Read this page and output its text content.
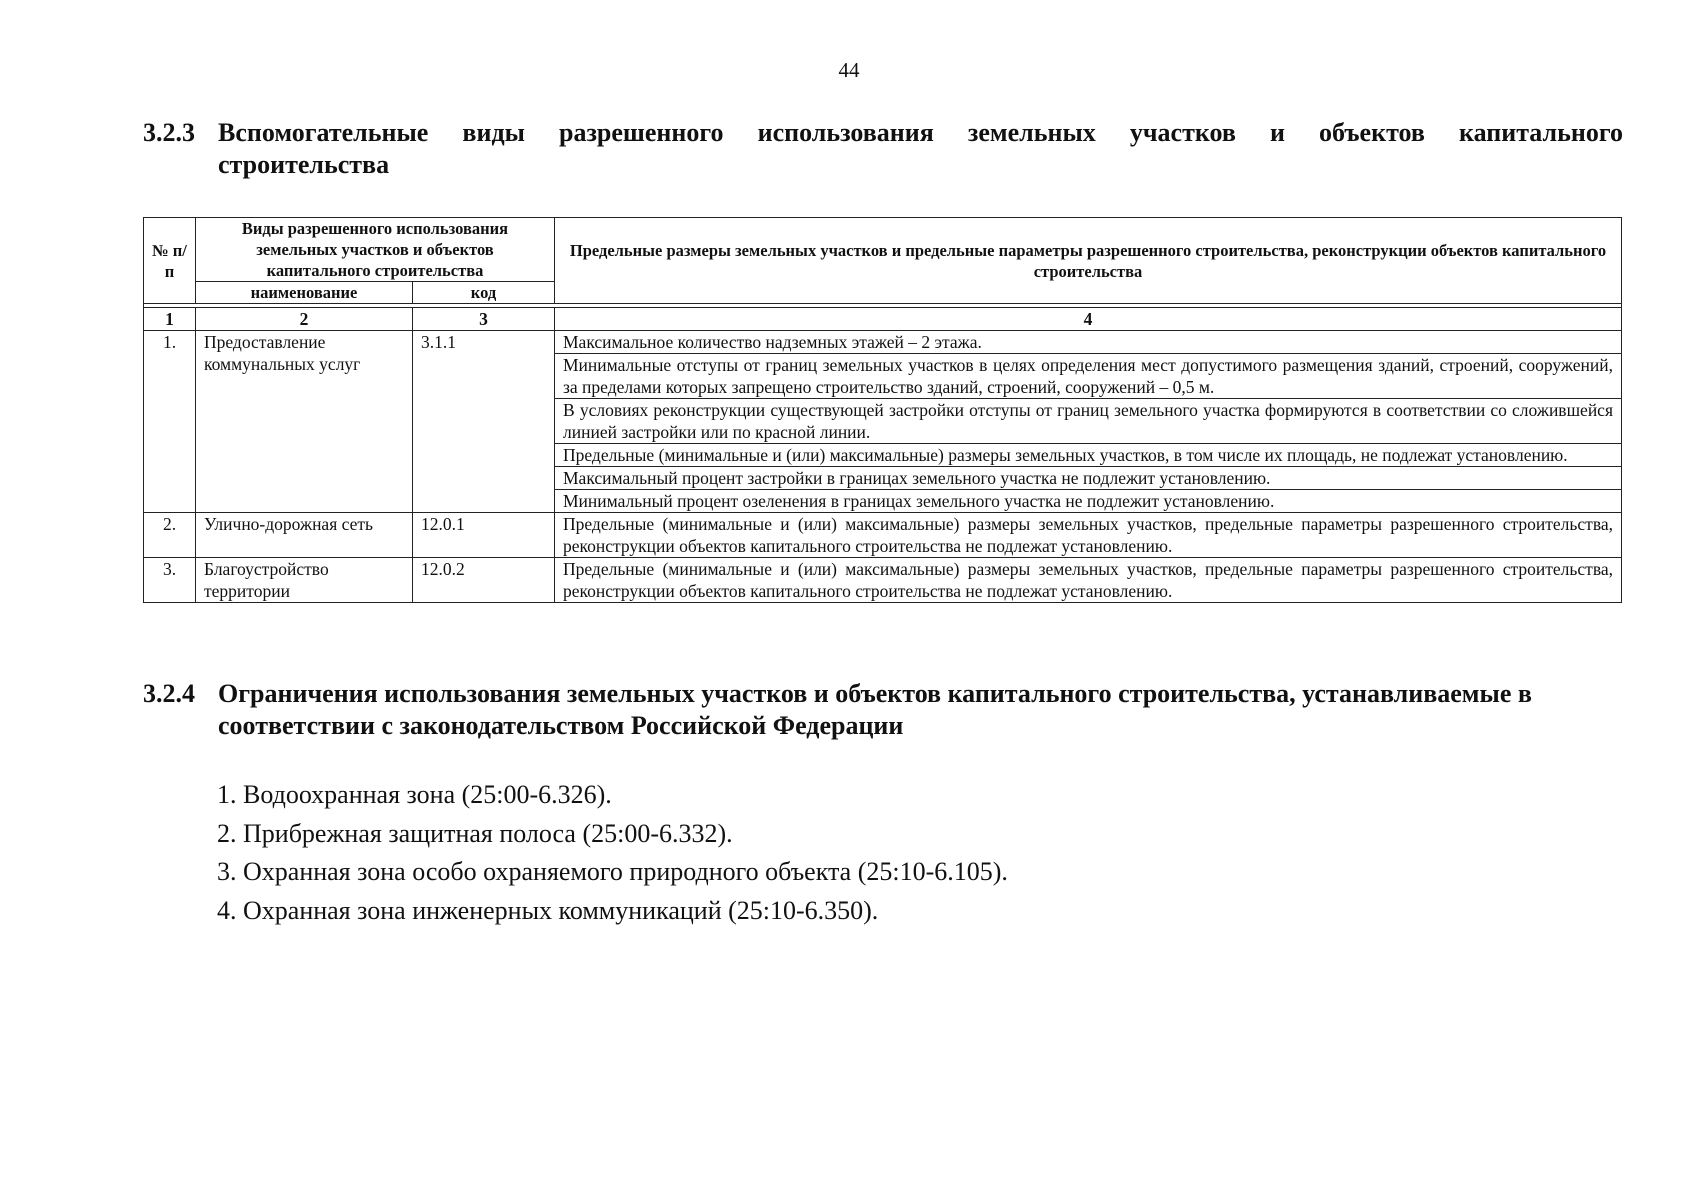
44
3.2.3 Вспомогательные виды разрешенного использования земельных участков и объектов капитального
строительства
№ п/п	Виды разрешенного использования земельных участков и объектов капитального строительства		Предельные размеры земельных участков и предельные параметры разрешенного строительства, реконструкции объектов капитального строительства
	наименование	код	

1	2	3	4
1.	Предоставление коммунальных услуг	3.1.1	Максимальное количество надземных этажей – 2 этажа.
			Минимальные отступы от границ земельных участков в целях определения мест допустимого размещения зданий, строений, сооружений, за пределами которых запрещено строительство зданий, строений, сооружений – 0,5 м.
			В условиях реконструкции существующей застройки отступы от границ земельного участка формируются в соответствии со сложившейся линией застройки или по красной линии.
			Предельные (минимальные и (или) максимальные) размеры земельных участков, в том числе их площадь, не подлежат установлению.
			Максимальный процент застройки в границах земельного участка не подлежит установлению.
			Минимальный процент озеленения в границах земельного участка не подлежит установлению.
2.	Улично-дорожная сеть	12.0.1	Предельные (минимальные и (или) максимальные) размеры земельных участков, предельные параметры разрешенного строительства, реконструкции объектов капитального строительства не подлежат установлению.
3.	Благоустройство территории	12.0.2	Предельные (минимальные и (или) максимальные) размеры земельных участков, предельные параметры разрешенного строительства, реконструкции объектов капитального строительства не подлежат установлению.
3.2.4 Ограничения использования земельных участков и объектов капитального строительства, устанавливаемые в соответствии с законодательством Российской Федерации
1. Водоохранная зона (25:00-6.326).
2. Прибрежная защитная полоса (25:00-6.332).
3. Охранная зона особо охраняемого природного объекта (25:10-6.105).
4. Охранная зона инженерных коммуникаций (25:10-6.350).
